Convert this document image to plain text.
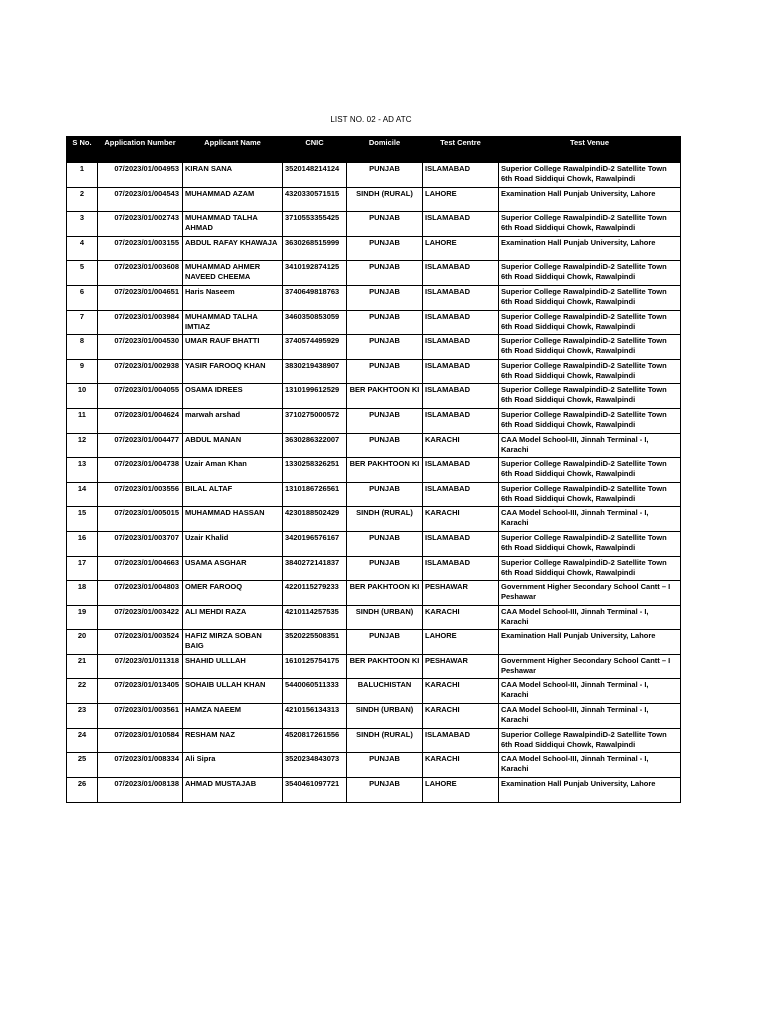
LIST NO. 02 - AD ATC
S No.	Application Number	Applicant Name	CNIC	Domicile	Test Centre	Test Venue
1	07/2023/01/004953	KIRAN SANA	3520148214124	PUNJAB	ISLAMABAD	Superior College RawalpindiD-2 Satellite Town 6th Road Siddiqui Chowk, Rawalpindi
2	07/2023/01/004543	MUHAMMAD AZAM	4320330571515	SINDH (RURAL)	LAHORE	Examination Hall Punjab University, Lahore
3	07/2023/01/002743	MUHAMMAD TALHA AHMAD	3710553355425	PUNJAB	ISLAMABAD	Superior College RawalpindiD-2 Satellite Town 6th Road Siddiqui Chowk, Rawalpindi
4	07/2023/01/003155	ABDUL RAFAY KHAWAJA	3630268515999	PUNJAB	LAHORE	Examination Hall Punjab University, Lahore
5	07/2023/01/003608	MUHAMMAD AHMER NAVEED CHEEMA	3410192874125	PUNJAB	ISLAMABAD	Superior College RawalpindiD-2 Satellite Town 6th Road Siddiqui Chowk, Rawalpindi
6	07/2023/01/004651	Haris Naseem	3740649818763	PUNJAB	ISLAMABAD	Superior College RawalpindiD-2 Satellite Town 6th Road Siddiqui Chowk, Rawalpindi
7	07/2023/01/003984	MUHAMMAD TALHA IMTIAZ	3460350853059	PUNJAB	ISLAMABAD	Superior College RawalpindiD-2 Satellite Town 6th Road Siddiqui Chowk, Rawalpindi
8	07/2023/01/004530	UMAR RAUF BHATTI	3740574495929	PUNJAB	ISLAMABAD	Superior College RawalpindiD-2 Satellite Town 6th Road Siddiqui Chowk, Rawalpindi
9	07/2023/01/002938	YASIR FAROOQ KHAN	3830219438907	PUNJAB	ISLAMABAD	Superior College RawalpindiD-2 Satellite Town 6th Road Siddiqui Chowk, Rawalpindi
10	07/2023/01/004055	OSAMA IDREES	1310199612529	BER PAKHTOON KI	ISLAMABAD	Superior College RawalpindiD-2 Satellite Town 6th Road Siddiqui Chowk, Rawalpindi
11	07/2023/01/004624	marwah arshad	3710275000572	PUNJAB	ISLAMABAD	Superior College RawalpindiD-2 Satellite Town 6th Road Siddiqui Chowk, Rawalpindi
12	07/2023/01/004477	ABDUL MANAN	3630286322007	PUNJAB	KARACHI	CAA Model School-III, Jinnah Terminal - I, Karachi
13	07/2023/01/004738	Uzair Aman Khan	1330258326251	BER PAKHTOON KI	ISLAMABAD	Superior College RawalpindiD-2 Satellite Town 6th Road Siddiqui Chowk, Rawalpindi
14	07/2023/01/003556	BILAL ALTAF	1310186726561	PUNJAB	ISLAMABAD	Superior College RawalpindiD-2 Satellite Town 6th Road Siddiqui Chowk, Rawalpindi
15	07/2023/01/005015	MUHAMMAD HASSAN	4230188502429	SINDH (RURAL)	KARACHI	CAA Model School-III, Jinnah Terminal - I, Karachi
16	07/2023/01/003707	Uzair Khalid	3420196576167	PUNJAB	ISLAMABAD	Superior College RawalpindiD-2 Satellite Town 6th Road Siddiqui Chowk, Rawalpindi
17	07/2023/01/004663	USAMA ASGHAR	3840272141837	PUNJAB	ISLAMABAD	Superior College RawalpindiD-2 Satellite Town 6th Road Siddiqui Chowk, Rawalpindi
18	07/2023/01/004803	OMER FAROOQ	4220115279233	BER PAKHTOON KI	PESHAWAR	Government Higher Secondary School Cantt – I Peshawar
19	07/2023/01/003422	ALI MEHDI RAZA	4210114257535	SINDH (URBAN)	KARACHI	CAA Model School-III, Jinnah Terminal - I, Karachi
20	07/2023/01/003524	HAFIZ MIRZA SOBAN BAIG	3520225508351	PUNJAB	LAHORE	Examination Hall Punjab University, Lahore
21	07/2023/01/011318	SHAHID ULLLAH	1610125754175	BER PAKHTOON KI	PESHAWAR	Government Higher Secondary School Cantt – I Peshawar
22	07/2023/01/013405	SOHAIB ULLAH KHAN	5440060511333	BALUCHISTAN	KARACHI	CAA Model School-III, Jinnah Terminal - I, Karachi
23	07/2023/01/003561	HAMZA NAEEM	4210156134313	SINDH (URBAN)	KARACHI	CAA Model School-III, Jinnah Terminal - I, Karachi
24	07/2023/01/010584	RESHAM NAZ	4520817261556	SINDH (RURAL)	ISLAMABAD	Superior College RawalpindiD-2 Satellite Town 6th Road Siddiqui Chowk, Rawalpindi
25	07/2023/01/008334	Ali Sipra	3520234843073	PUNJAB	KARACHI	CAA Model School-III, Jinnah Terminal - I, Karachi
26	07/2023/01/008138	AHMAD MUSTAJAB	3540461097721	PUNJAB	LAHORE	Examination Hall Punjab University, Lahore
